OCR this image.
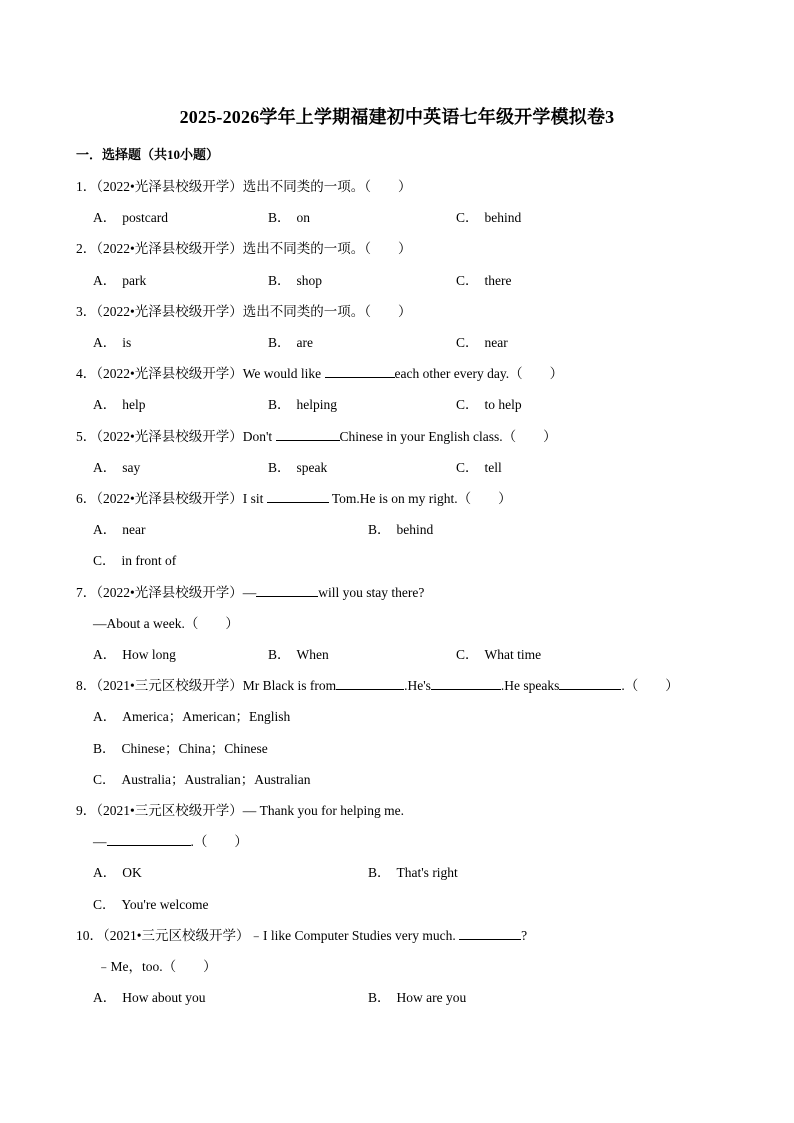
2025-2026学年上学期福建初中英语七年级开学模拟卷3
一．选择题（共10小题）
1．（2022•光泽县校级开学）选出不同类的一项。（　　）
A． postcard	B． on	C． behind
2．（2022•光泽县校级开学）选出不同类的一项。（　　）
A． park	B． shop	C． there
3．（2022•光泽县校级开学）选出不同类的一项。（　　）
A． is	B． are	C． near
4．（2022•光泽县校级开学）We would like	each other every day.（　　）
A． help	B． helping	C． to help
5．（2022•光泽县校级开学）Don't	Chinese in your English class.（　　）
A． say	B． speak	C． tell
6．（2022•光泽县校级开学）I sit	Tom.He is on my right.（　　）
A． near	B． behind
C． in front of
7．（2022•光泽县校级开学）—	will you stay there?
—About a week.（　　）
A． How long	B． When	C． What time
8．（2021•三元区校级开学）Mr Black is from	.He's	.He speaks	.（　　）
A． America；American；English
B． Chinese；China；Chinese
C． Australia；Australian；Australian
9．（2021•三元区校级开学）— Thank you for helping me.
—	.（　　）
A． OK	B． That's right
C． You're welcome
10．（2021•三元区校级开学）﹣I like Computer Studies very much.	?
﹣Me，too.（　　）
A． How about you	B． How are you
